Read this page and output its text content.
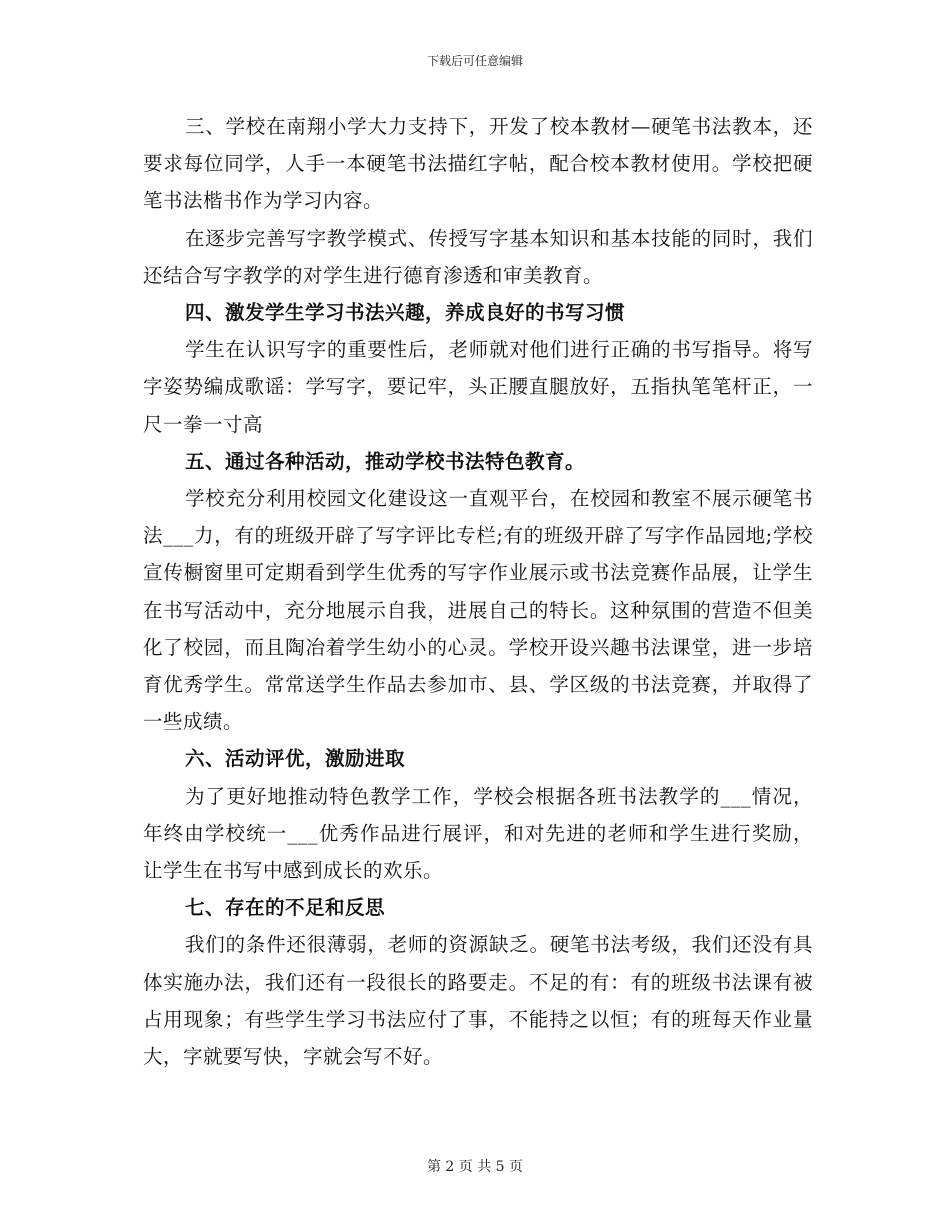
下载后可任意编辑

三、学校在南翔小学大力支持下，开发了校本教材—硬笔书法教本，还要求每位同学，人手一本硬笔书法描红字帖，配合校本教材使用。学校把硬笔书法楷书作为学习内容。

在逐步完善写字教学模式、传授写字基本知识和基本技能的同时，我们还结合写字教学的对学生进行德育渗透和审美教育。

四、激发学生学习书法兴趣，养成良好的书写习惯

学生在认识写字的重要性后，老师就对他们进行正确的书写指导。将写字姿势编成歌谣：学写字，要记牢，头正腰直腿放好，五指执笔笔杆正，一尺一拳一寸高

五、通过各种活动，推动学校书法特色教育。

学校充分利用校园文化建设这一直观平台，在校园和教室不展示硬笔书法___力，有的班级开辟了写字评比专栏;有的班级开辟了写字作品园地;学校宣传橱窗里可定期看到学生优秀的写字作业展示或书法竞赛作品展，让学生在书写活动中，充分地展示自我，进展自己的特长。这种氛围的营造不但美化了校园，而且陶冶着学生幼小的心灵。学校开设兴趣书法课堂，进一步培育优秀学生。常常送学生作品去参加市、县、学区级的书法竞赛，并取得了一些成绩。

六、活动评优，激励进取

为了更好地推动特色教学工作，学校会根据各班书法教学的___情况，年终由学校统一___优秀作品进行展评，和对先进的老师和学生进行奖励，让学生在书写中感到成长的欢乐。

七、存在的不足和反思

我们的条件还很薄弱，老师的资源缺乏。硬笔书法考级，我们还没有具体实施办法，我们还有一段很长的路要走。不足的有：有的班级书法课有被占用现象；有些学生学习书法应付了事，不能持之以恒；有的班每天作业量大，字就要写快，字就会写不好。

第 2 页 共 5 页
